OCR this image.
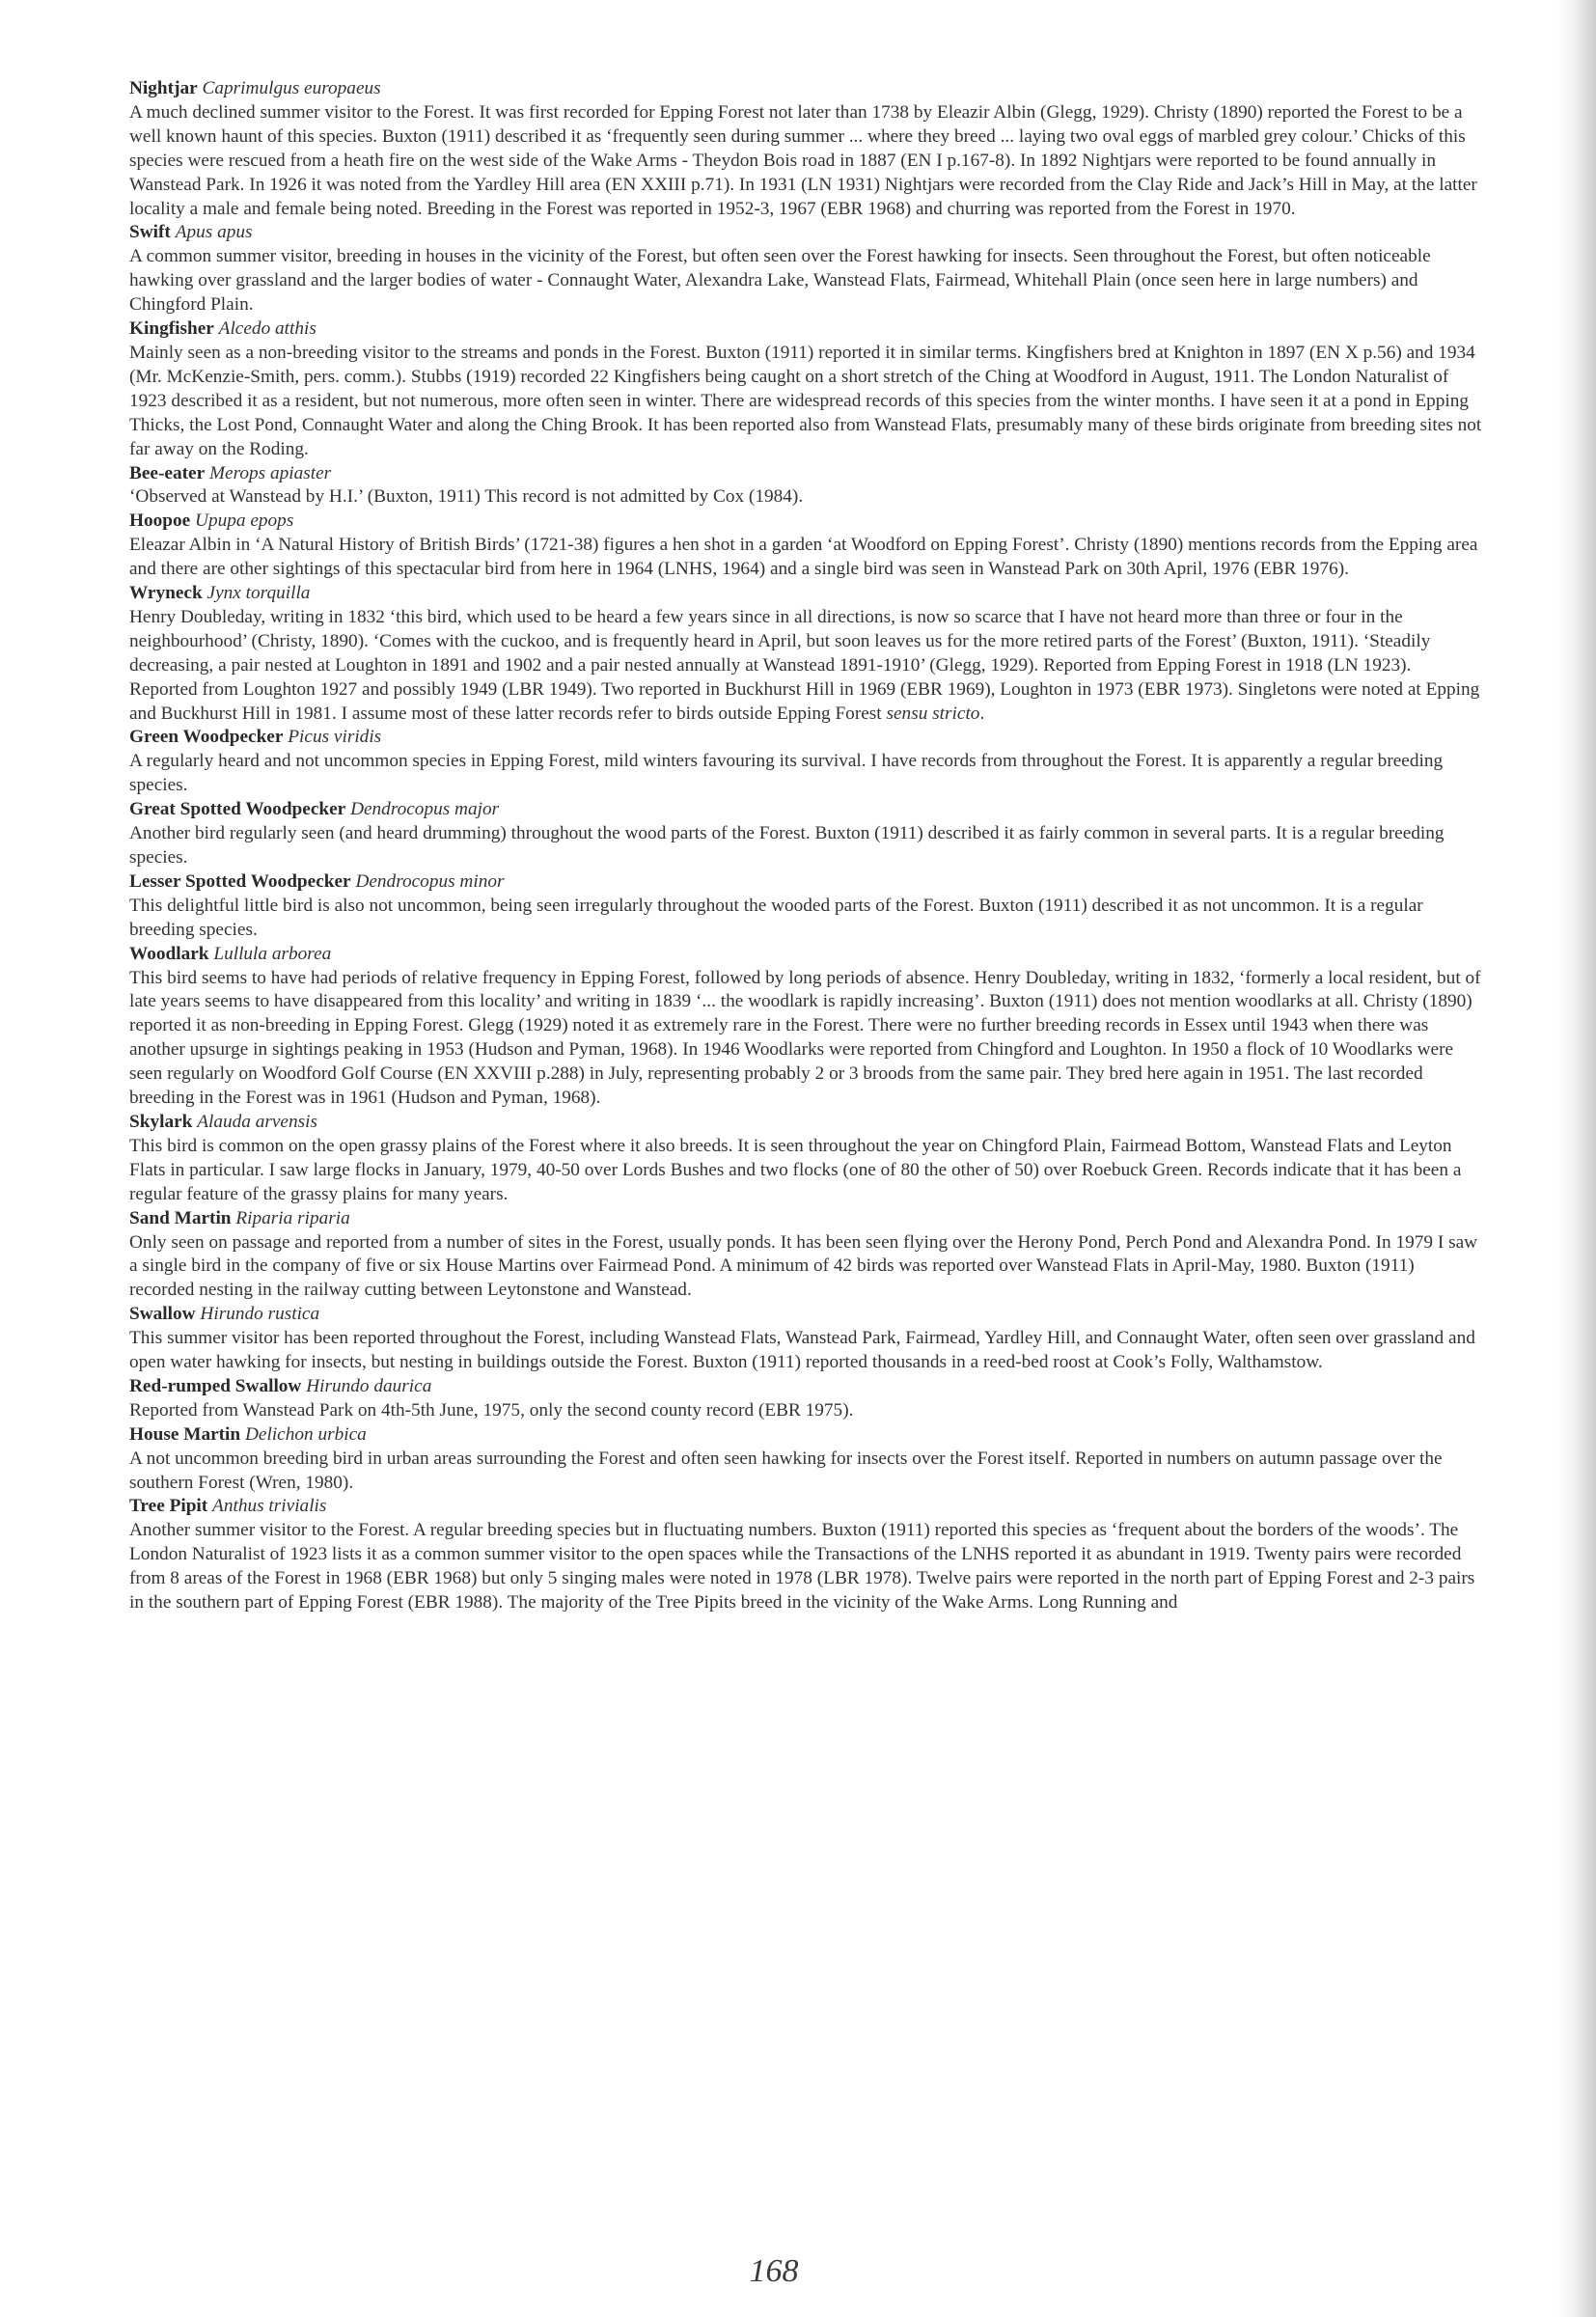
Nightjar Caprimulgus europaeus

A much declined summer visitor to the Forest. It was first recorded for Epping Forest not later than 1738 by Eleazir Albin (Glegg, 1929). Christy (1890) reported the Forest to be a well known haunt of this species. Buxton (1911) described it as ‘frequently seen during summer ... where they breed ... laying two oval eggs of marbled grey colour.’ Chicks of this species were rescued from a heath fire on the west side of the Wake Arms - Theydon Bois road in 1887 (EN I p.167-8). In 1892 Nightjars were reported to be found annually in Wanstead Park. In 1926 it was noted from the Yardley Hill area (EN XXIII p.71). In 1931 (LN 1931) Nightjars were recorded from the Clay Ride and Jack’s Hill in May, at the latter locality a male and female being noted. Breeding in the Forest was reported in 1952-3, 1967 (EBR 1968) and churring was reported from the Forest in 1970.

Swift Apus apus

A common summer visitor, breeding in houses in the vicinity of the Forest, but often seen over the Forest hawking for insects. Seen throughout the Forest, but often noticeable hawking over grassland and the larger bodies of water - Connaught Water, Alexandra Lake, Wanstead Flats, Fairmead, Whitehall Plain (once seen here in large numbers) and Chingford Plain.

Kingfisher Alcedo atthis

Mainly seen as a non-breeding visitor to the streams and ponds in the Forest. Buxton (1911) reported it in similar terms. Kingfishers bred at Knighton in 1897 (EN X p.56) and 1934 (Mr. McKenzie-Smith, pers. comm.). Stubbs (1919) recorded 22 Kingfishers being caught on a short stretch of the Ching at Woodford in August, 1911. The London Naturalist of 1923 described it as a resident, but not numerous, more often seen in winter. There are widespread records of this species from the winter months. I have seen it at a pond in Epping Thicks, the Lost Pond, Connaught Water and along the Ching Brook. It has been reported also from Wanstead Flats, presumably many of these birds originate from breeding sites not far away on the Roding.

Bee-eater Merops apiaster

‘Observed at Wanstead by H.I.’ (Buxton, 1911) This record is not admitted by Cox (1984).

Hoopoe Upupa epops

Eleazar Albin in ‘A Natural History of British Birds’ (1721-38) figures a hen shot in a garden ‘at Woodford on Epping Forest’. Christy (1890) mentions records from the Epping area and there are other sightings of this spectacular bird from here in 1964 (LNHS, 1964) and a single bird was seen in Wanstead Park on 30th April, 1976 (EBR 1976).

Wryneck Jynx torquilla

Henry Doubleday, writing in 1832 ‘this bird, which used to be heard a few years since in all directions, is now so scarce that I have not heard more than three or four in the neighbourhood’ (Christy, 1890). ‘Comes with the cuckoo, and is frequently heard in April, but soon leaves us for the more retired parts of the Forest’ (Buxton, 1911). ‘Steadily decreasing, a pair nested at Loughton in 1891 and 1902 and a pair nested annually at Wanstead 1891-1910’ (Glegg, 1929). Reported from Epping Forest in 1918 (LN 1923). Reported from Loughton 1927 and possibly 1949 (LBR 1949). Two reported in Buckhurst Hill in 1969 (EBR 1969), Loughton in 1973 (EBR 1973). Singletons were noted at Epping and Buckhurst Hill in 1981. I assume most of these latter records refer to birds outside Epping Forest sensu stricto.

Green Woodpecker Picus viridis

A regularly heard and not uncommon species in Epping Forest, mild winters favouring its survival. I have records from throughout the Forest. It is apparently a regular breeding species.

Great Spotted Woodpecker Dendrocopus major

Another bird regularly seen (and heard drumming) throughout the wood parts of the Forest. Buxton (1911) described it as fairly common in several parts. It is a regular breeding species.

Lesser Spotted Woodpecker Dendrocopus minor

This delightful little bird is also not uncommon, being seen irregularly throughout the wooded parts of the Forest. Buxton (1911) described it as not uncommon. It is a regular breeding species.

Woodlark Lullula arborea

This bird seems to have had periods of relative frequency in Epping Forest, followed by long periods of absence. Henry Doubleday, writing in 1832, ‘formerly a local resident, but of late years seems to have disappeared from this locality’ and writing in 1839 ‘... the woodlark is rapidly increasing’. Buxton (1911) does not mention woodlarks at all. Christy (1890) reported it as non-breeding in Epping Forest. Glegg (1929) noted it as extremely rare in the Forest. There were no further breeding records in Essex until 1943 when there was another upsurge in sightings peaking in 1953 (Hudson and Pyman, 1968). In 1946 Woodlarks were reported from Chingford and Loughton. In 1950 a flock of 10 Woodlarks were seen regularly on Woodford Golf Course (EN XXVIII p.288) in July, representing probably 2 or 3 broods from the same pair. They bred here again in 1951. The last recorded breeding in the Forest was in 1961 (Hudson and Pyman, 1968).

Skylark Alauda arvensis

This bird is common on the open grassy plains of the Forest where it also breeds. It is seen throughout the year on Chingford Plain, Fairmead Bottom, Wanstead Flats and Leyton Flats in particular. I saw large flocks in January, 1979, 40-50 over Lords Bushes and two flocks (one of 80 the other of 50) over Roebuck Green. Records indicate that it has been a regular feature of the grassy plains for many years.

Sand Martin Riparia riparia

Only seen on passage and reported from a number of sites in the Forest, usually ponds. It has been seen flying over the Herony Pond, Perch Pond and Alexandra Pond. In 1979 I saw a single bird in the company of five or six House Martins over Fairmead Pond. A minimum of 42 birds was reported over Wanstead Flats in April-May, 1980. Buxton (1911) recorded nesting in the railway cutting between Leytonstone and Wanstead.

Swallow Hirundo rustica

This summer visitor has been reported throughout the Forest, including Wanstead Flats, Wanstead Park, Fairmead, Yardley Hill, and Connaught Water, often seen over grassland and open water hawking for insects, but nesting in buildings outside the Forest. Buxton (1911) reported thousands in a reed-bed roost at Cook’s Folly, Walthamstow.

Red-rumped Swallow Hirundo daurica

Reported from Wanstead Park on 4th-5th June, 1975, only the second county record (EBR 1975).

House Martin Delichon urbica

A not uncommon breeding bird in urban areas surrounding the Forest and often seen hawking for insects over the Forest itself. Reported in numbers on autumn passage over the southern Forest (Wren, 1980).

Tree Pipit Anthus trivialis

Another summer visitor to the Forest. A regular breeding species but in fluctuating numbers. Buxton (1911) reported this species as ‘frequent about the borders of the woods’. The London Naturalist of 1923 lists it as a common summer visitor to the open spaces while the Transactions of the LNHS reported it as abundant in 1919. Twenty pairs were recorded from 8 areas of the Forest in 1968 (EBR 1968) but only 5 singing males were noted in 1978 (LBR 1978). Twelve pairs were reported in the north part of Epping Forest and 2-3 pairs in the southern part of Epping Forest (EBR 1988). The majority of the Tree Pipits breed in the vicinity of the Wake Arms. Long Running and

168
